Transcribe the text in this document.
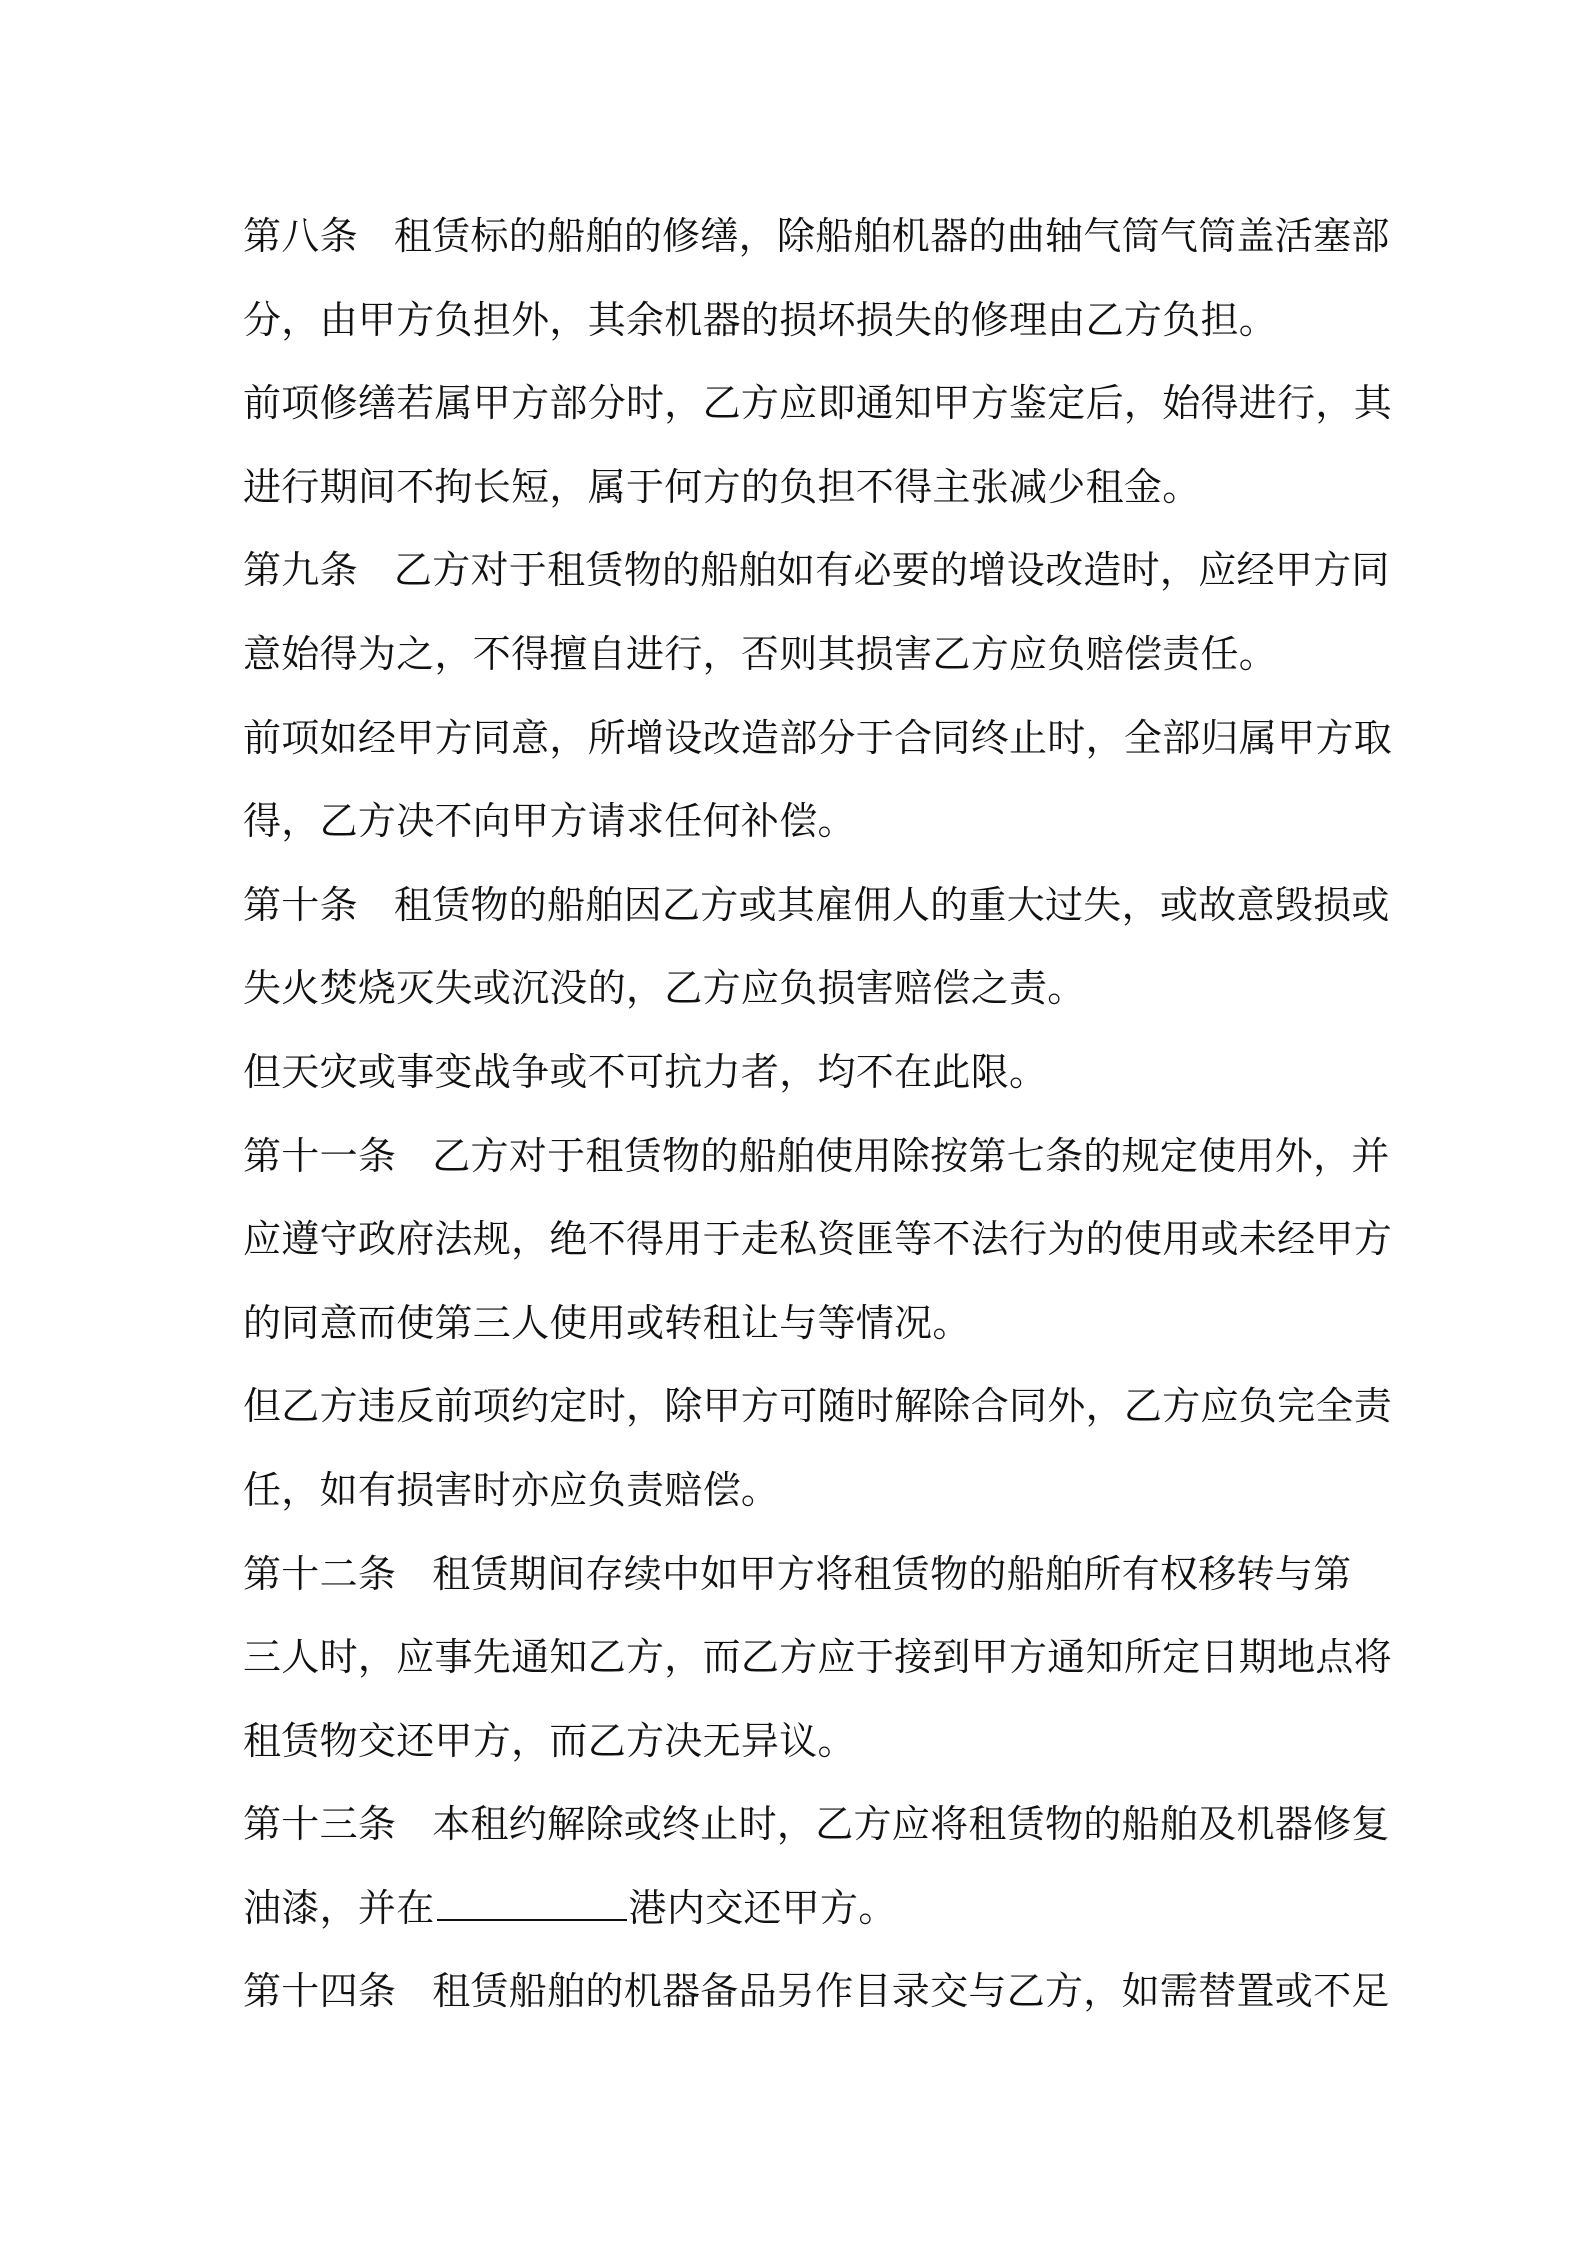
第八条 租赁标的船舶的修缮，除船舶机器的曲轴气筒气筒盖活塞部
分，由甲方负担外，其余机器的损坏损失的修理由乙方负担。
前项修缮若属甲方部分时，乙方应即通知甲方鉴定后，始得进行，其
进行期间不拘长短，属于何方的负担不得主张减少租金。
第九条 乙方对于租赁物的船舶如有必要的增设改造时，应经甲方同
意始得为之，不得擅自进行，否则其损害乙方应负赔偿责任。
前项如经甲方同意，所增设改造部分于合同终止时，全部归属甲方取
得，乙方决不向甲方请求任何补偿。
第十条 租赁物的船舶因乙方或其雇佣人的重大过失，或故意毁损或
失火焚烧灭失或沉没的，乙方应负损害赔偿之责。
但天灾或事变战争或不可抗力者，均不在此限。
第十一条 乙方对于租赁物的船舶使用除按第七条的规定使用外，并
应遵守政府法规，绝不得用于走私资匪等不法行为的使用或未经甲方
的同意而使第三人使用或转租让与等情况。
但乙方违反前项约定时，除甲方可随时解除合同外，乙方应负完全责
任，如有损害时亦应负责赔偿。
第十二条 租赁期间存续中如甲方将租赁物的船舶所有权移转与第
三人时，应事先通知乙方，而乙方应于接到甲方通知所定日期地点将
租赁物交还甲方，而乙方决无异议。
第十三条 本租约解除或终止时，乙方应将租赁物的船舶及机器修复
油漆，并在	港内交还甲方。
第十四条 租赁船舶的机器备品另作目录交与乙方，如需替置或不足
